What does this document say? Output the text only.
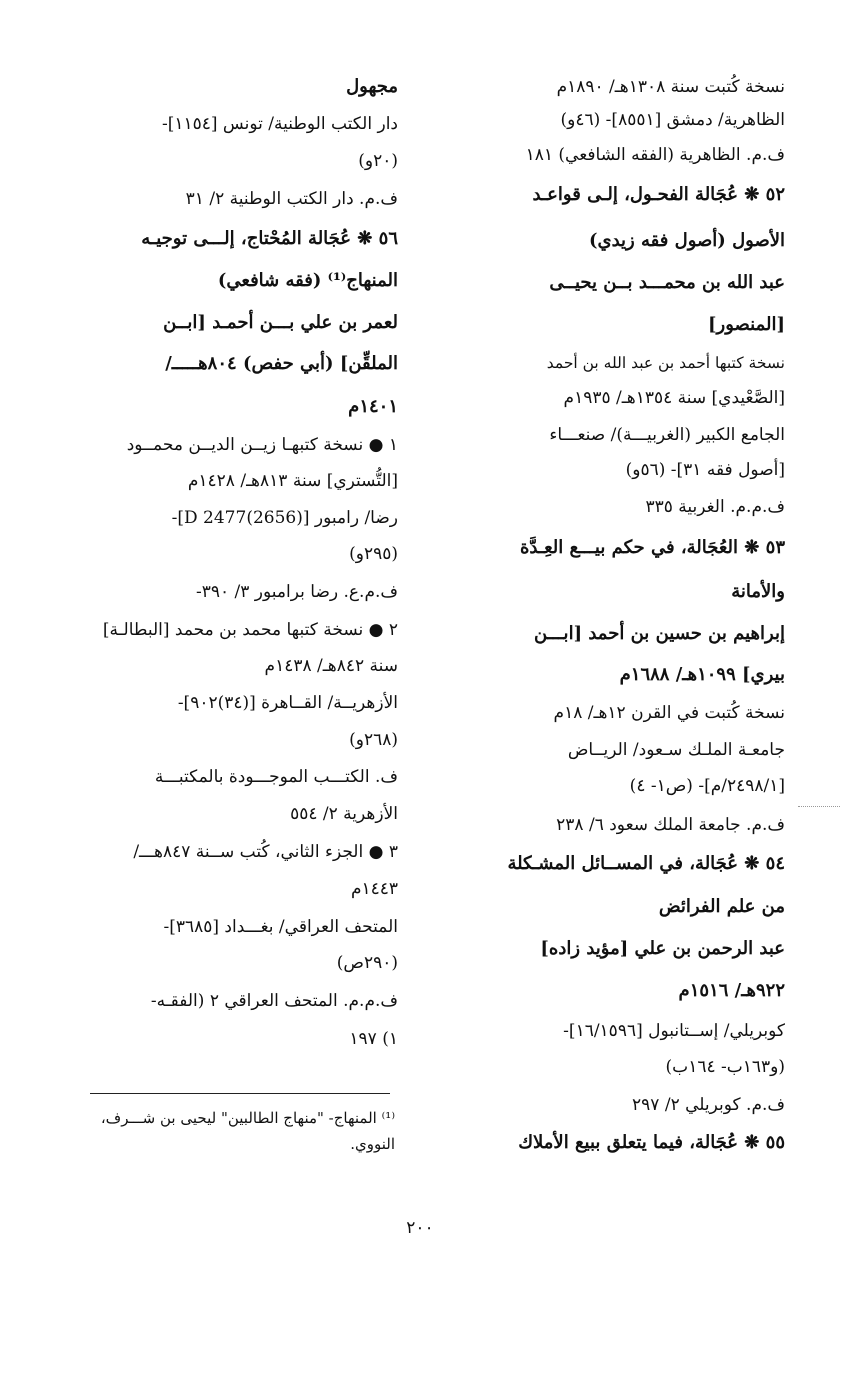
نسخة كُتبت سنة ١٣٠٨هـ/ ١٨٩٠م
الظاهرية/ دمشق [٨٥٥١]- (٤٦و)
ف.م. الظاهرية (الفقه الشافعي) ١٨١
٥٢ ❋ عُجَالة الفحـول، إلـى قواعـد
الأصول (أصول فقه زيدي)
عبد الله بن محمـــد بــن يحيــى
[المنصور]
نسخة كتبها أحمد بن عبد الله بن أحمد
[الصَّعْيدي] سنة ١٣٥٤هـ/ ١٩٣٥م
الجامع الكبير (الغربيـــة)/ صنعـــاء
[أصول فقه ٣١]- (٥٦و)
ف.م.م. الغربية ٣٣٥
٥٣ ❋ العُجَالة، في حكم بيـــع العِـدَّة
والأمانة
إبراهيم بن حسين بن أحمد [ابـــن
بيري] ١٠٩٩هـ/ ١٦٨٨م
نسخة كُتبت في القرن ١٢هـ/ ١٨م
جامعـة الملـك سـعود/ الريــاض
[٢٤٩٨/١/م]- (ص١- ٤)
ف.م. جامعة الملك سعود ٦/ ٢٣٨
٥٤ ❋ عُجَالة، في المســائل المشـكلة
من علم الفرائض
عبد الرحمن بن علي [مؤيد زاده]
٩٢٢هـ/ ١٥١٦م
كوبريلي/ إســتانبول [١٦/١٥٩٦]-
(و١٦٣ب- ١٦٤ب)
ف.م. كوبريلي ٢/ ٢٩٧
٥٥ ❋ عُجَالة، فيما يتعلق ببيع الأملاك
مجهول
دار الكتب الوطنية/ تونس [١١٥٤]-
(٢٠و)
ف.م. دار الكتب الوطنية ٢/ ٣١
٥٦ ❋ عُجَالة المُحْتاج، إلـــى توجيـه
المنهاج⁽¹⁾ (فقه شافعي)
لعمر بن علي بـــن أحمـد [ابــن
الملقِّن] (أبي حفص) ٨٠٤هـــــ/
١٤٠١م
١ ● نسخة كتبهـا زيــن الديــن محمــود
[التُّستري] سنة ٨١٣هـ/ ١٤٢٨م
رضا/ رامبور [D 2477(2656)]-
(٢٩٥و)
ف.م.ع. رضا برامبور ٣/ ٣٩٠-
٢ ● نسخة كتبها محمد بن محمد [البطالـة]
سنة ٨٤٢هـ/ ١٤٣٨م
الأزهريــة/ القــاهرة [(٣٤)٩٠٢]-
(٢٦٨و)
ف. الكتـــب الموجـــودة بالمكتبـــة
الأزهرية ٢/ ٥٥٤
٣ ● الجزء الثاني، كُتب ســنة ٨٤٧هـــ/
١٤٤٣م
المتحف العراقي/ بغـــداد [٣٦٨٥]-
(٢٩٠ص)
ف.م.م. المتحف العراقي ٢ (الفقـه-
١) ١٩٧
⁽¹⁾ المنهاج- "منهاج الطالبين" ليحيى بن شـــرف،
النووي.
٢٠٠
